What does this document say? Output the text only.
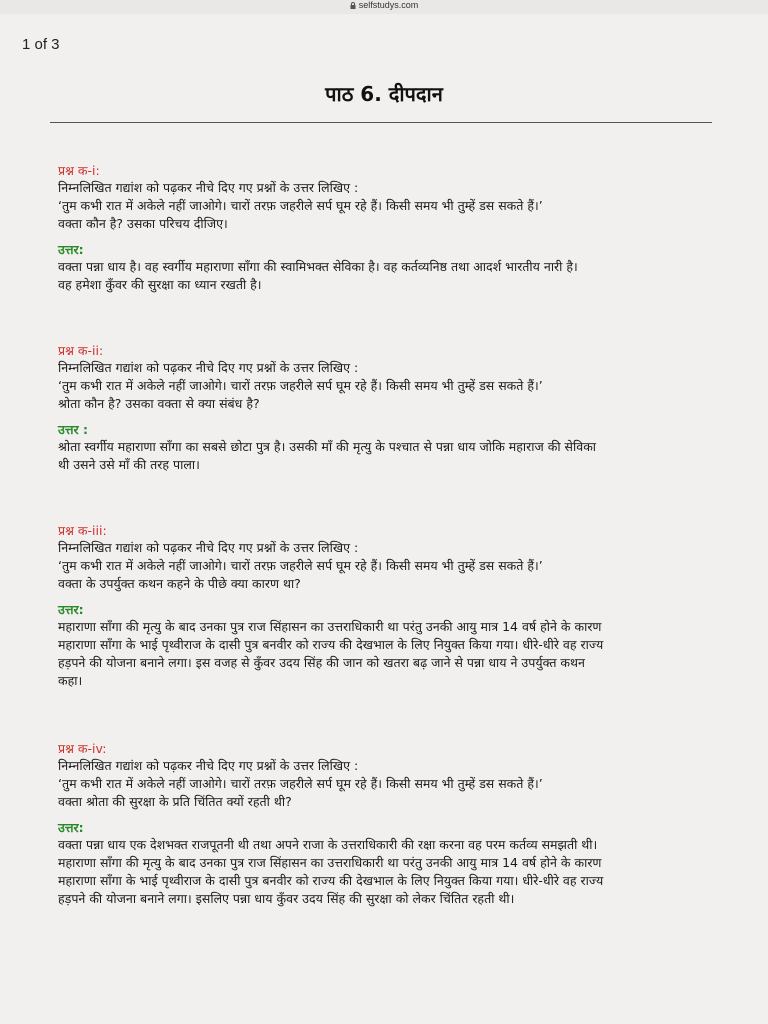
selfstudys.com
1 of 3
पाठ 6. दीपदान

प्रश्न क-i:

निम्नलिखित गद्यांश को पढ़कर नीचे दिए गए प्रश्नों के उत्तर लिखिए :

‘तुम कभी रात में अकेले नहीं जाओगे। चारों तरफ़ जहरीले सर्प घूम रहे हैं। किसी समय भी तुम्हें डस सकते हैं।’

वक्ता कौन है? उसका परिचय दीजिए।

उत्तर:

वक्ता पन्ना धाय है। वह स्वर्गीय महाराणा साँगा की स्वामिभक्त सेविका है। वह कर्तव्यनिष्ठ तथा आदर्श भारतीय नारी है।

वह हमेशा कुँवर की सुरक्षा का ध्यान रखती है।

प्रश्न क-ii:

निम्नलिखित गद्यांश को पढ़कर नीचे दिए गए प्रश्नों के उत्तर लिखिए :

‘तुम कभी रात में अकेले नहीं जाओगे। चारों तरफ़ जहरीले सर्प घूम रहे हैं। किसी समय भी तुम्हें डस सकते हैं।’

श्रोता कौन है? उसका वक्ता से क्या संबंध है?

उत्तर :

श्रोता स्वर्गीय महाराणा साँगा का सबसे छोटा पुत्र है। उसकी माँ की मृत्यु के पश्चात से पन्ना धाय जोकि महाराज की सेविका

थी उसने उसे माँ की तरह पाला।

प्रश्न क-iii:

निम्नलिखित गद्यांश को पढ़कर नीचे दिए गए प्रश्नों के उत्तर लिखिए :

‘तुम कभी रात में अकेले नहीं जाओगे। चारों तरफ़ जहरीले सर्प घूम रहे हैं। किसी समय भी तुम्हें डस सकते हैं।’

वक्ता के उपर्युक्त कथन कहने के पीछे क्या कारण था?

उत्तर:

महाराणा साँगा की मृत्यु के बाद उनका पुत्र राज सिंहासन का उत्तराधिकारी था परंतु उनकी आयु मात्र 14 वर्ष होने के कारण

महाराणा साँगा के भाई पृथ्वीराज के दासी पुत्र बनवीर को राज्य की देखभाल के लिए नियुक्त किया गया। धीरे-धीरे वह राज्य

हड़पने की योजना बनाने लगा। इस वजह से कुँवर उदय सिंह की जान को खतरा बढ़ जाने से पन्ना धाय ने उपर्युक्त कथन

कहा।

प्रश्न क-iv:

निम्नलिखित गद्यांश को पढ़कर नीचे दिए गए प्रश्नों के उत्तर लिखिए :

‘तुम कभी रात में अकेले नहीं जाओगे। चारों तरफ़ जहरीले सर्प घूम रहे हैं। किसी समय भी तुम्हें डस सकते हैं।’

वक्ता श्रोता की सुरक्षा के प्रति चिंतित क्यों रहती थी?

उत्तर:

वक्ता पन्ना धाय एक देशभक्त राजपूतनी थी तथा अपने राजा के उत्तराधिकारी की रक्षा करना वह परम कर्तव्य समझती थी।

महाराणा साँगा की मृत्यु के बाद उनका पुत्र राज सिंहासन का उत्तराधिकारी था परंतु उनकी आयु मात्र 14 वर्ष होने के कारण

महाराणा साँगा के भाई पृथ्वीराज के दासी पुत्र बनवीर को राज्य की देखभाल के लिए नियुक्त किया गया। धीरे-धीरे वह राज्य

हड़पने की योजना बनाने लगा। इसलिए पन्ना धाय कुँवर उदय सिंह की सुरक्षा को लेकर चिंतित रहती थी।
